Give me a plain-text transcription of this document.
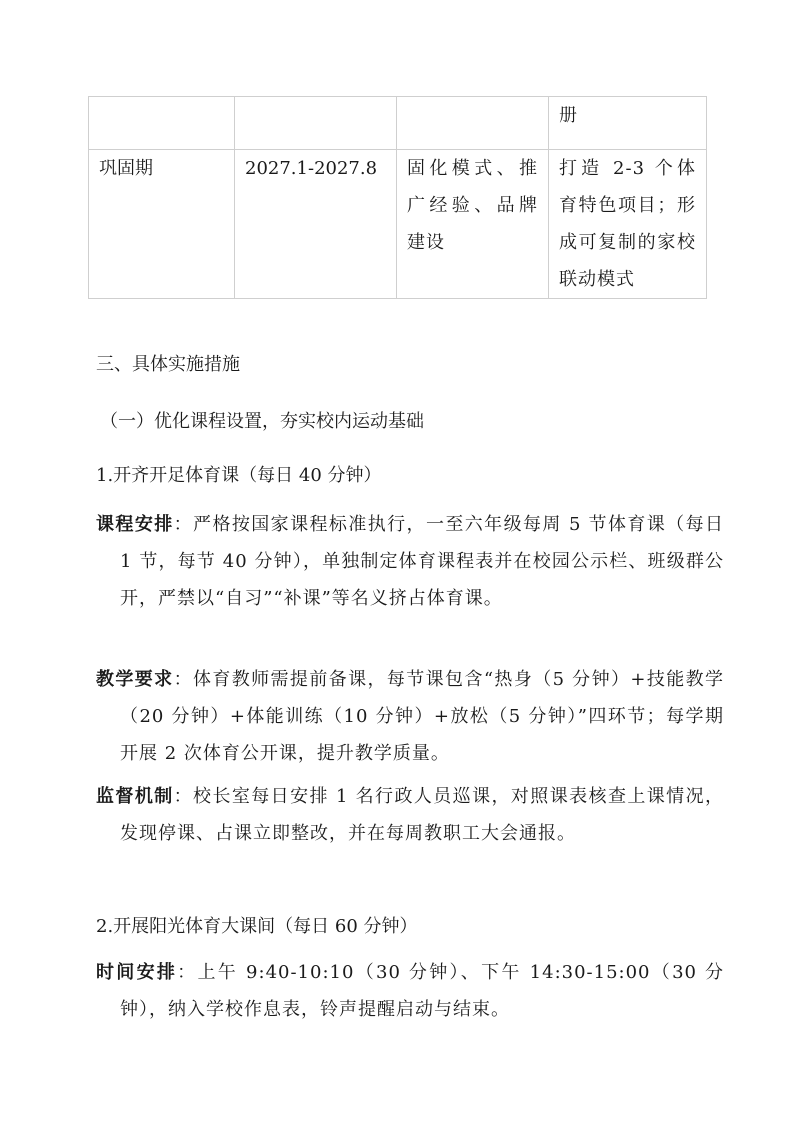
			册
巩固期	2027.1-2027.8	固化模式、推广经验、品牌建设	打造 2-3 个体育特色项目；形成可复制的家校联动模式

三、具体实施措施

（一）优化课程设置，夯实校内运动基础

1.开齐开足体育课（每日 40 分钟）

课程安排：严格按国家课程标准执行，一至六年级每周 5 节体育课（每日 1 节，每节 40 分钟），单独制定体育课程表并在校园公示栏、班级群公开，严禁以“自习”“补课”等名义挤占体育课。

教学要求：体育教师需提前备课，每节课包含“热身（5 分钟）+技能教学（20 分钟）+体能训练（10 分钟）+放松（5 分钟）”四环节；每学期开展 2 次体育公开课，提升教学质量。

监督机制：校长室每日安排 1 名行政人员巡课，对照课表核查上课情况，发现停课、占课立即整改，并在每周教职工大会通报。

2.开展阳光体育大课间（每日 60 分钟）

时间安排：上午 9:40-10:10（30 分钟）、下午 14:30-15:00（30 分钟），纳入学校作息表，铃声提醒启动与结束。
